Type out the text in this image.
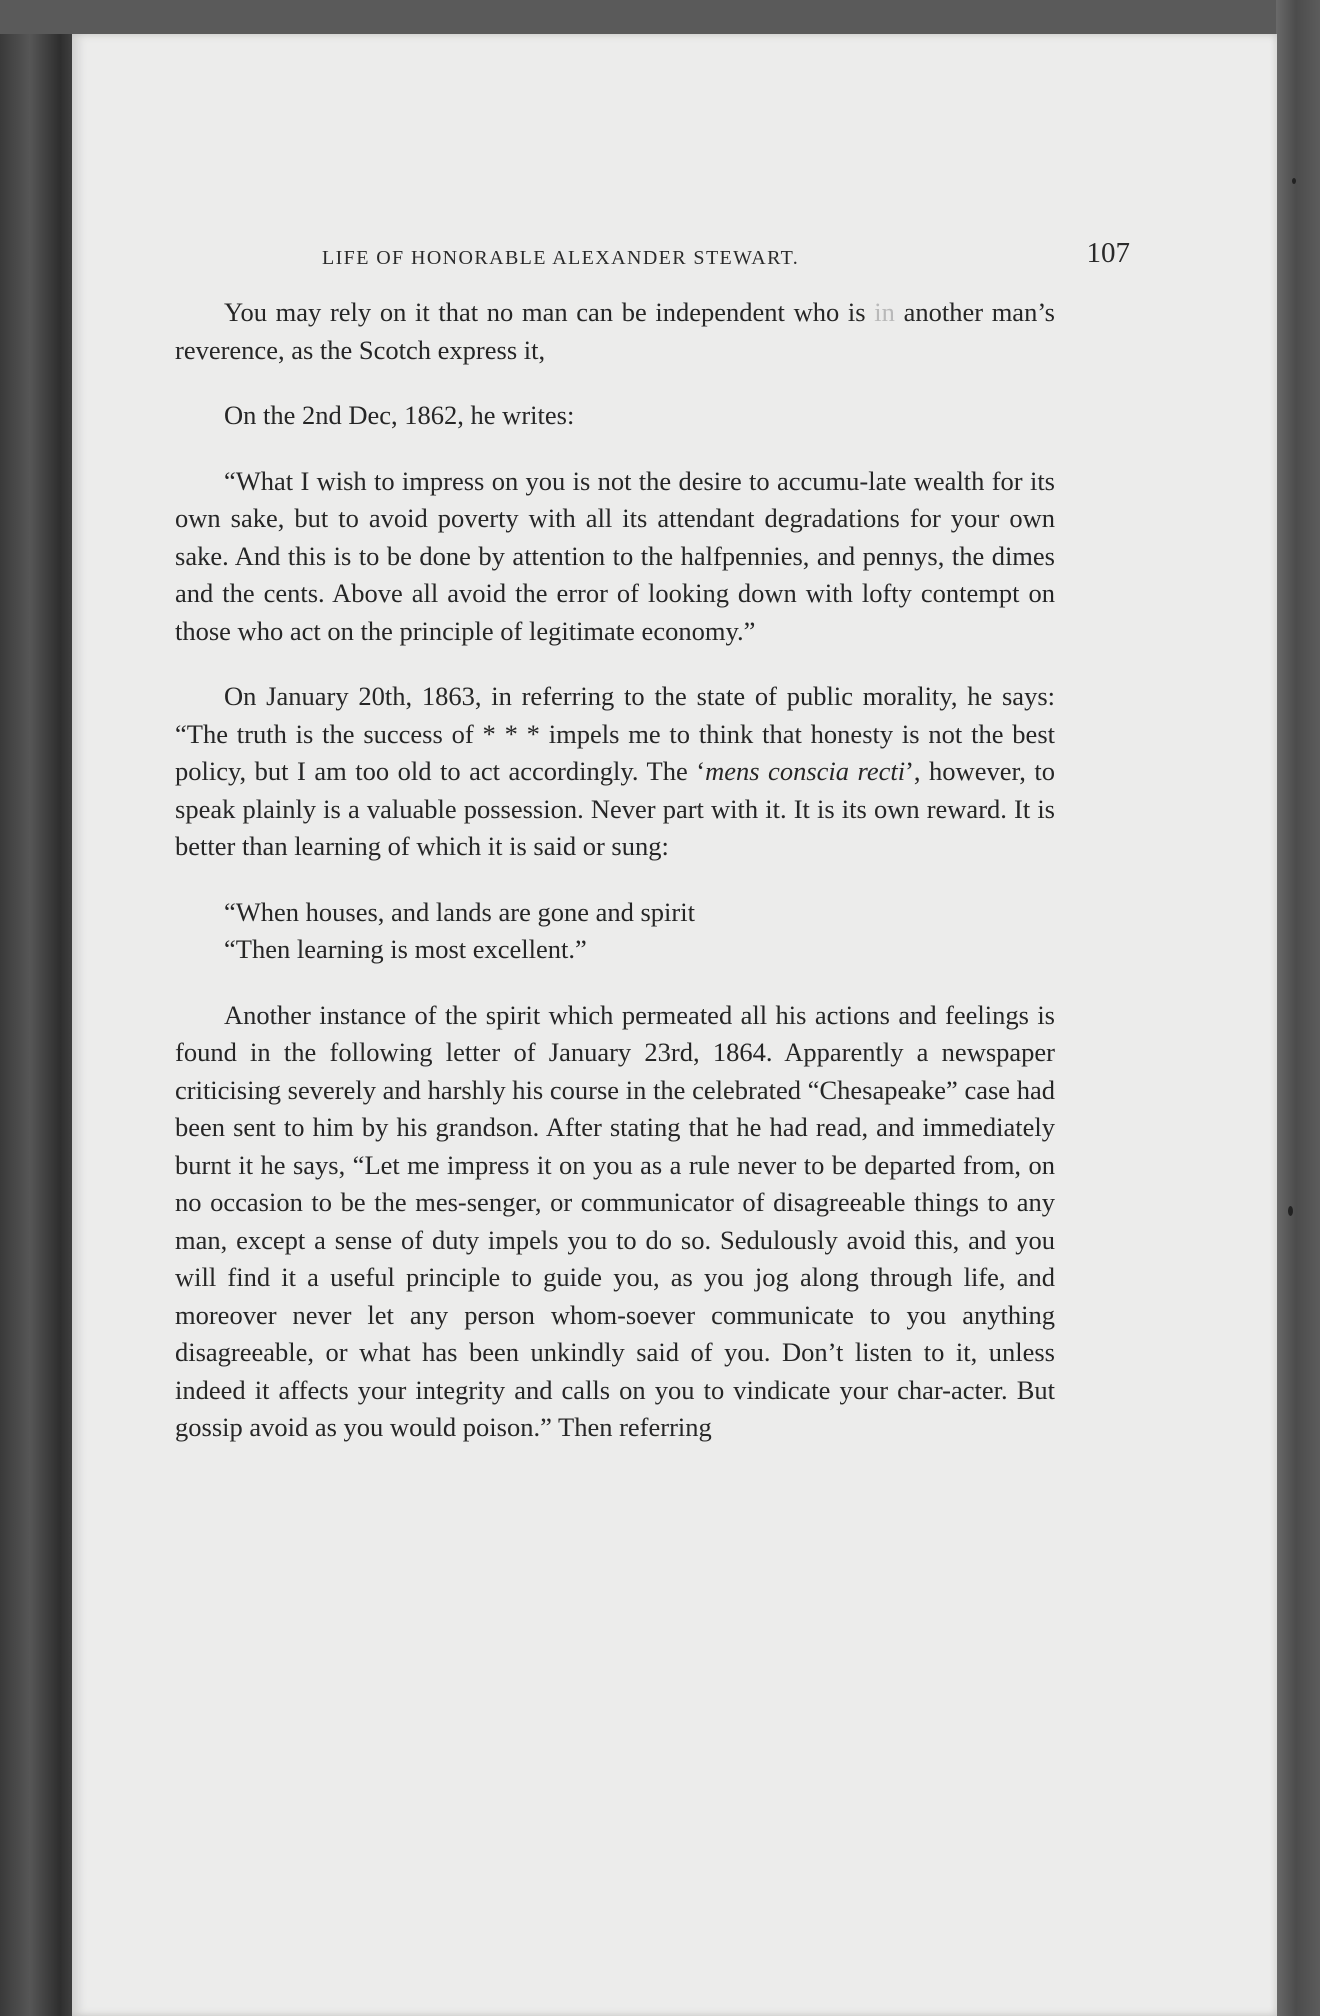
LIFE OF HONORABLE ALEXANDER STEWART.	107

You may rely on it that no man can be independent who is in another man’s reverence, as the Scotch express it,

On the 2nd Dec, 1862, he writes:

“What I wish to impress on you is not the desire to accumu-late wealth for its own sake, but to avoid poverty with all its attendant degradations for your own sake. And this is to be done by attention to the halfpennies, and pennys, the dimes and the cents. Above all avoid the error of looking down with lofty contempt on those who act on the principle of legitimate economy.”

On January 20th, 1863, in referring to the state of public morality, he says: “The truth is the success of * * * impels me to think that honesty is not the best policy, but I am too old to act accordingly. The ‘mens conscia recti’, however, to speak plainly is a valuable possession. Never part with it. It is its own reward. It is better than learning of which it is said or sung:

“When houses, and lands are gone and spirit
“Then learning is most excellent.”

Another instance of the spirit which permeated all his actions and feelings is found in the following letter of January 23rd, 1864. Apparently a newspaper criticising severely and harshly his course in the celebrated “Chesapeake” case had been sent to him by his grandson. After stating that he had read, and immediately burnt it he says, “Let me impress it on you as a rule never to be departed from, on no occasion to be the mes-senger, or communicator of disagreeable things to any man, except a sense of duty impels you to do so. Sedulously avoid this, and you will find it a useful principle to guide you, as you jog along through life, and moreover never let any person whom-soever communicate to you anything disagreeable, or what has been unkindly said of you. Don’t listen to it, unless indeed it affects your integrity and calls on you to vindicate your char-acter. But gossip avoid as you would poison.” Then referring
